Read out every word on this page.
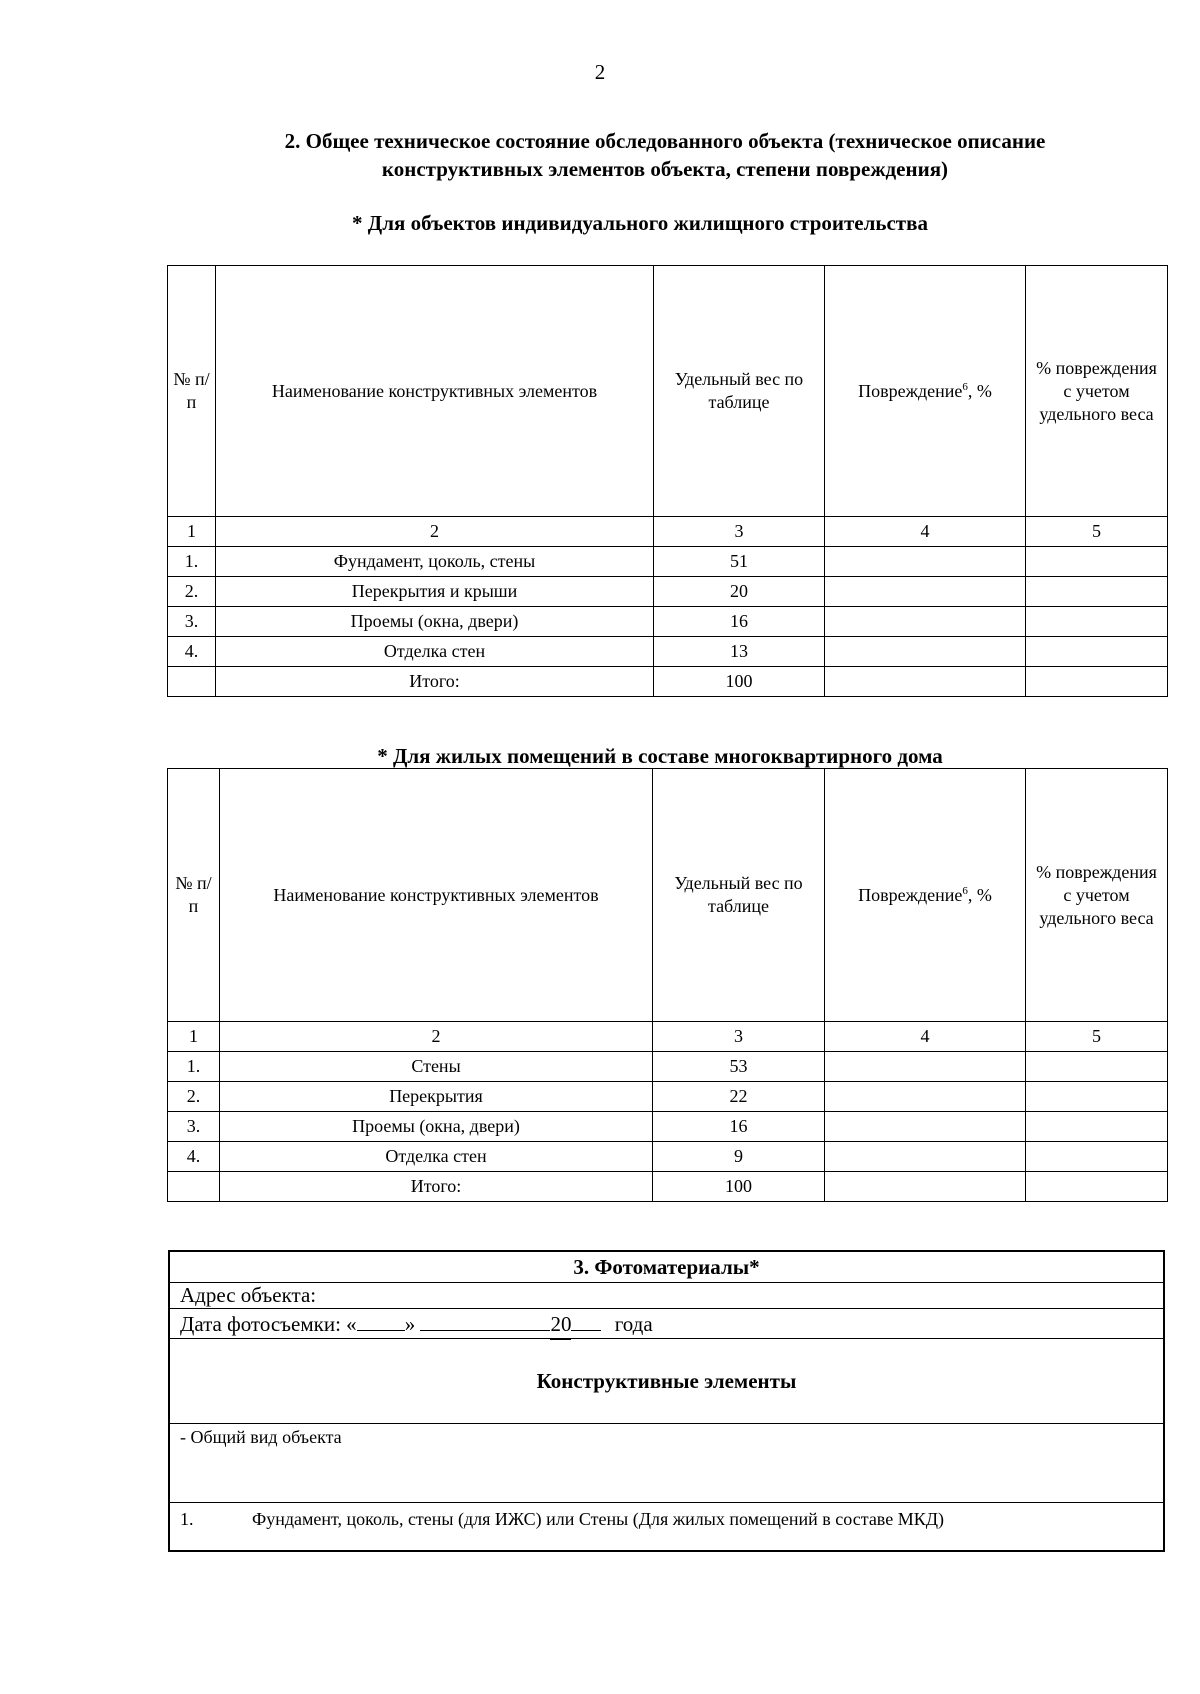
2
2. Общее техническое состояние обследованного объекта (техническое описание конструктивных элементов объекта, степени повреждения)
* Для объектов индивидуального жилищного строительства
№ п/ п	Наименование конструктивных элементов	Удельный вес по таблице	Повреждение$^6$, %	% повреждения с учетом удельного веса
1	2	3	4	5
1.	Фундамент, цоколь, стены	51		
2.	Перекрытия и крыши	20		
3.	Проемы (окна, двери)	16		
4.	Отделка стен	13		
	Итого:	100		
* Для жилых помещений в составе многоквартирного дома
№ п/п	Наименование конструктивных элементов	Удельный вес по таблице	Повреждение$^6$, %	% повреждения с учетом удельного веса
1	2	3	4	5
1.	Стены	53		
2.	Перекрытия	22		
3.	Проемы (окна, двери)	16		
4.	Отделка стен	9		
	Итого:	100		
3. Фотоматериалы*
Адрес объекта:
Дата фотосъемки: « »	20 года
Конструктивные элементы
- Общий вид объекта
1.	Фундамент, цоколь, стены (для ИЖС) или Стены (Для жилых помещений в составе МКД)
